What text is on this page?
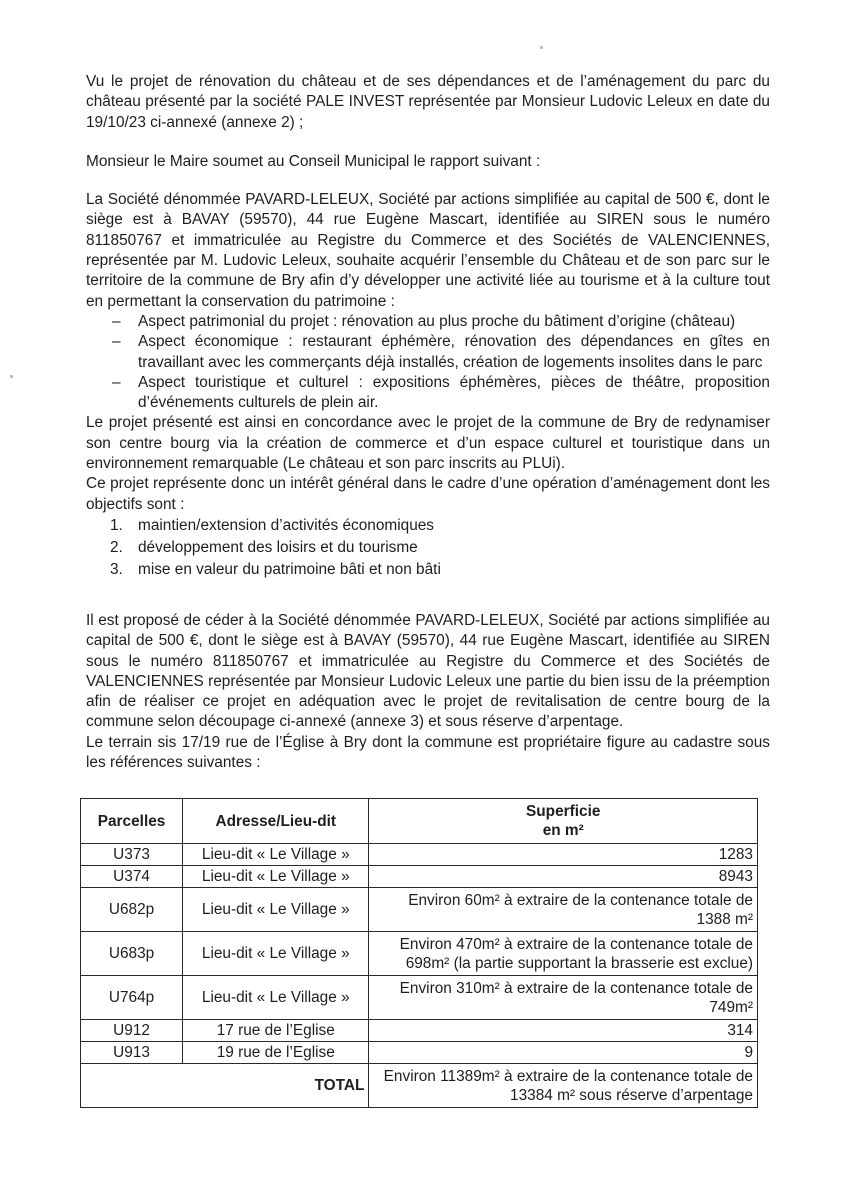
Vu le projet de rénovation du château et de ses dépendances et de l’aménagement du parc du château présenté par la société PALE INVEST représentée par Monsieur Ludovic Leleux en date du 19/10/23 ci-annexé (annexe 2) ;

Monsieur le Maire soumet au Conseil Municipal le rapport suivant :

La Société dénommée PAVARD-LELEUX, Société par actions simplifiée au capital de 500 €, dont le siège est à BAVAY (59570), 44 rue Eugène Mascart, identifiée au SIREN sous le numéro 811850767 et immatriculée au Registre du Commerce et des Sociétés de VALENCIENNES, représentée par M. Ludovic Leleux, souhaite acquérir l’ensemble du Château et de son parc sur le territoire de la commune de Bry afin d’y développer une activité liée au tourisme et à la culture tout en permettant la conservation du patrimoine :

– Aspect patrimonial du projet : rénovation au plus proche du bâtiment d’origine (château)
– Aspect économique : restaurant éphémère, rénovation des dépendances en gîtes en travaillant avec les commerçants déjà installés, création de logements insolites dans le parc
– Aspect touristique et culturel : expositions éphémères, pièces de théâtre, proposition d’événements culturels de plein air.

Le projet présenté est ainsi en concordance avec le projet de la commune de Bry de redynamiser son centre bourg via la création de commerce et d’un espace culturel et touristique dans un environnement remarquable (Le château et son parc inscrits au PLUi).

Ce projet représente donc un intérêt général dans le cadre d’une opération d’aménagement dont les objectifs sont :

1. maintien/extension d’activités économiques
2. développement des loisirs et du tourisme
3. mise en valeur du patrimoine bâti et non bâti

Il est proposé de céder à la Société dénommée PAVARD-LELEUX, Société par actions simplifiée au capital de 500 €, dont le siège est à BAVAY (59570), 44 rue Eugène Mascart, identifiée au SIREN sous le numéro 811850767 et immatriculée au Registre du Commerce et des Sociétés de VALENCIENNES représentée par Monsieur Ludovic Leleux une partie du bien issu de la préemption afin de réaliser ce projet en adéquation avec le projet de revitalisation de centre bourg de la commune selon découpage ci-annexé (annexe 3) et sous réserve d’arpentage.

Le terrain sis 17/19 rue de l’Église à Bry dont la commune est propriétaire figure au cadastre sous les références suivantes :

Parcelles	Adresse/Lieu-dit	Superficie
en m²
U373	Lieu-dit « Le Village »	1283
U374	Lieu-dit « Le Village »	8943
U682p	Lieu-dit « Le Village »	Environ 60m² à extraire de la contenance totale de 1388 m²
U683p	Lieu-dit « Le Village »	Environ 470m² à extraire de la contenance totale de 698m² (la partie supportant la brasserie est exclue)
U764p	Lieu-dit « Le Village »	Environ 310m² à extraire de la contenance totale de 749m²
U912	17 rue de l’Eglise	314
U913	19 rue de l’Eglise	9
TOTAL		Environ 11389m² à extraire de la contenance totale de 13384 m² sous réserve d’arpentage
